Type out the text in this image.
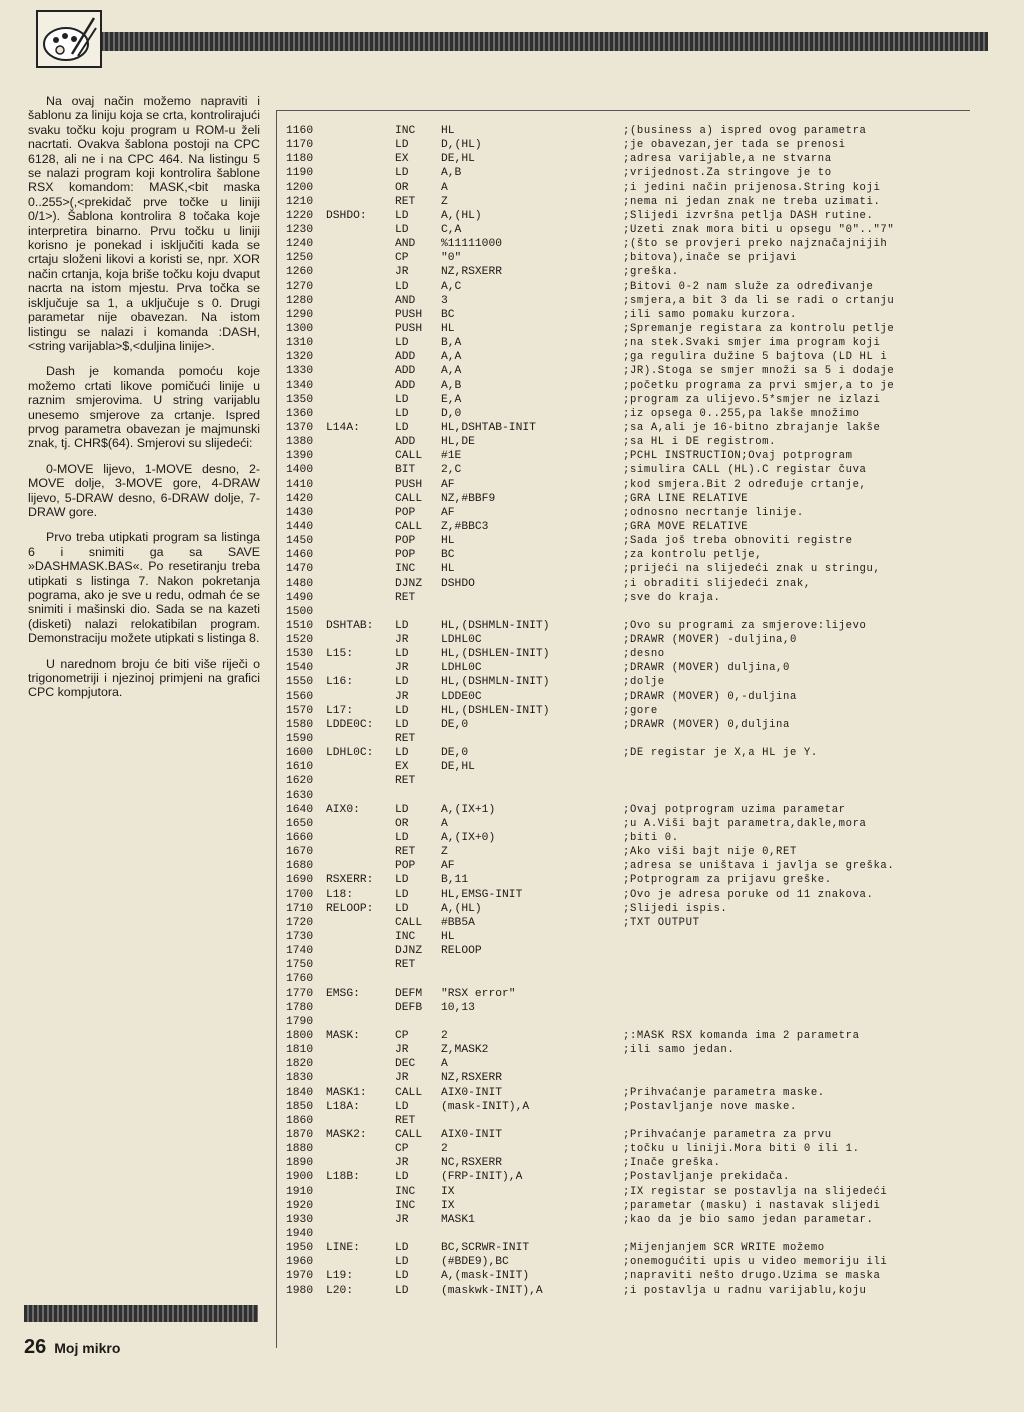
Na ovaj način možemo napraviti i šablonu za liniju koja se crta, kontrolirajući svaku točku koju program u ROM-u želi nacrtati. Ovakva šablona postoji na CPC 6128, ali ne i na CPC 464. Na listingu 5 se nalazi program koji kontrolira šablone RSX komandom: MASK,<bit maska 0..255>(,<prekidač prve točke u liniji 0/1>). Šablona kontrolira 8 točaka koje interpretira binarno. Prvu točku u liniji korisno je ponekad i isključiti kada se crtaju složeni likovi a koristi se, npr. XOR način crtanja, koja briše točku koju dvaput nacrta na istom mjestu. Prva točka se isključuje sa 1, a uključuje s 0. Drugi parametar nije obavezan. Na istom listingu se nalazi i komanda :DASH,<string varijabla>$,<duljina linije>.

Dash je komanda pomoću koje možemo crtati likove pomičući linije u raznim smjerovima. U string varijablu unesemo smjerove za crtanje. Ispred prvog parametra obavezan je majmunski znak, tj. CHR$(64). Smjerovi su slijedeći:

0-MOVE lijevo, 1-MOVE desno, 2-MOVE dolje, 3-MOVE gore, 4-DRAW lijevo, 5-DRAW desno, 6-DRAW dolje, 7-DRAW gore.

Prvo treba utipkati program sa listinga 6 i snimiti ga sa SAVE »DASHMASK.BAS«. Po resetiranju treba utipkati s listinga 7. Nakon pokretanja pograma, ako je sve u redu, odmah će se snimiti i mašinski dio. Sada se na kazeti (disketi) nalazi relokatibilan program. Demonstraciju možete utipkati s listinga 8.

U narednom broju će biti više riječi o trigonometriji i njezinoj primjeni na grafici CPC kompjutora.

26 Moj mikro
1160	INC HL	;(business a) ispred ovog parametra
1170	LD	D,(HL)	;je obavezan,jer tada se prenosi
1180	EX	DE,HL	;adresa varijable,a ne stvarna
1190	LD	A,B	;vrijednost.Za stringove je to
1200	OR	A	;i jedini način prijenosa.String koji
1210	RET Z	;nema ni jedan znak ne treba uzimati.
1220 DSHDO:	LD	A,(HL)	;Slijedi izvršna petlja DASH rutine.
1230	LD	C,A	;Uzeti znak mora biti u opsegu "0".."7"
1240	AND %11111000	;(što se provjeri preko najznačajnijih
1250	CP	"0"	;bitova),inače se prijavi
1260	JR	NZ,RSXERR	;greška.
1270	LD	A,C	;Bitovi 0-2 nam služe za određivanje
1280	AND 3	;smjera,a bit 3 da li se radi o crtanju
1290	PUSH BC	;ili samo pomaku kurzora.
1300	PUSH HL	;Spremanje registara za kontrolu petlje
1310	LD	B,A	;na stek.Svaki smjer ima program koji
1320	ADD A,A	;ga regulira dužine 5 bajtova (LD HL i
1330	ADD A,A	;JR).Stoga se smjer množi sa 5 i dodaje
1340	ADD A,B	;početku programa za prvi smjer,a to je
1350	LD	E,A	;program za ulijevo.5*smjer ne izlazi
1360	LD	D,0	;iz opsega 0..255,pa lakše množimo
1370 L14A:	LD	HL,DSHTAB-INIT	;sa A,ali je 16-bitno zbrajanje lakše
1380	ADD HL,DE	;sa HL i DE registrom.
1390	CALL #1E	;PCHL INSTRUCTION;Ovaj potprogram
1400	BIT 2,C	;simulira CALL (HL).C registar čuva
1410	PUSH AF	;kod smjera.Bit 2 određuje crtanje,
1420	CALL NZ,#BBF9	;GRA LINE RELATIVE
1430	POP AF	;odnosno necrtanje linije.
1440	CALL Z,#BBC3	;GRA MOVE RELATIVE
1450	POP HL	;Sada još treba obnoviti registre
1460	POP BC	;za kontrolu petlje,
1470	INC HL	;prijeći na slijedeći znak u stringu,
1480	DJNZ DSHDO	;i obraditi slijedeći znak,
1490	RET	;sve do kraja.
1500
1510 DSHTAB: LD	HL,(DSHMLN-INIT)	;Ovo su programi za smjerove:lijevo
1520	JR	LDHL0C	;DRAWR (MOVER) -duljina,0
1530 L15:	LD	HL,(DSHLEN-INIT)	;desno
1540	JR	LDHL0C	;DRAWR (MOVER) duljina,0
1550 L16:	LD	HL,(DSHMLN-INIT)	;dolje
1560	JR	LDDE0C	;DRAWR (MOVER) 0,-duljina
1570 L17:	LD	HL,(DSHLEN-INIT)	;gore
1580 LDDE0C: LD	DE,0	;DRAWR (MOVER) 0,duljina
1590	RET
1600 LDHL0C: LD	DE,0	;DE registar je X,a HL je Y.
1610	EX	DE,HL
1620	RET
1630
1640 AIX0:	LD	A,(IX+1)	;Ovaj potprogram uzima parametar
1650	OR	A	;u A.Viši bajt parametra,dakle,mora
1660	LD	A,(IX+0)	;biti 0.
1670	RET Z	;Ako viši bajt nije 0,RET
1680	POP AF	;adresa se uništava i javlja se greška.
1690 RSXERR: LD	B,11	;Potprogram za prijavu greške.
1700 L18:	LD	HL,EMSG-INIT	;Ovo je adresa poruke od 11 znakova.
1710 RELOOP: LD	A,(HL)	;Slijedi ispis.
1720	CALL #BB5A	;TXT OUTPUT
1730	INC HL
1740	DJNZ RELOOP
1750	RET
1760
1770 EMSG:	DEFM "RSX error"
1780	DEFB 10,13
1790
1800 MASK:	CP	2	;:MASK RSX komanda ima 2 parametra
1810	JR	Z,MASK2	;ili samo jedan.
1820	DEC A
1830	JR	NZ,RSXERR
1840 MASK1:	CALL AIX0-INIT	;Prihvaćanje parametra maske.
1850 L18A:	LD	(mask-INIT),A	;Postavljanje nove maske.
1860	RET
1870 MASK2:	CALL AIX0-INIT	;Prihvaćanje parametra za prvu
1880	CP	2	;točku u liniji.Mora biti 0 ili 1.
1890	JR	NC,RSXERR	;Inače greška.
1900 L18B:	LD	(FRP-INIT),A	;Postavljanje prekidača.
1910	INC IX	;IX registar se postavlja na slijedeći
1920	INC IX	;parametar (masku) i nastavak slijedi
1930	JR	MASK1	;kao da je bio samo jedan parametar.
1940
1950 LINE:	LD	BC,SCRWR-INIT	;Mijenjanjem SCR WRITE možemo
1960	LD	(#BDE9),BC	;onemogućiti upis u video memoriju ili
1970 L19:	LD	A,(mask-INIT)	;napraviti nešto drugo.Uzima se maska
1980 L20:	LD	(maskwk-INIT),A	;i postavlja u radnu varijablu,koju
